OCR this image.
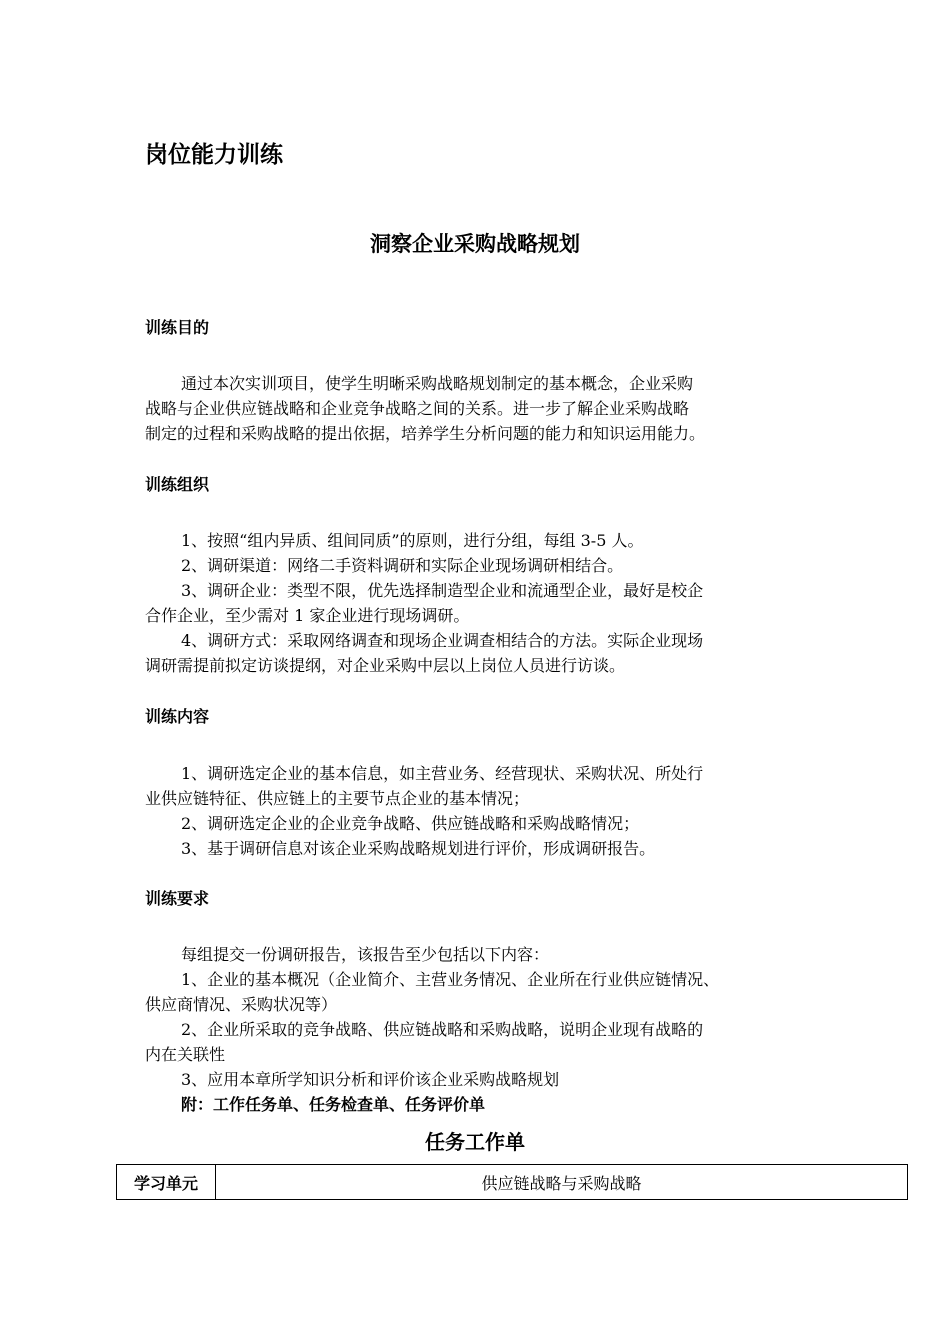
岗位能力训练
洞察企业采购战略规划
训练目的

通过本次实训项目，使学生明晰采购战略规划制定的基本概念，企业采购

战略与企业供应链战略和企业竞争战略之间的关系。进一步了解企业采购战略

制定的过程和采购战略的提出依据，培养学生分析问题的能力和知识运用能力。

训练组织

1、按照“组内异质、组间同质”的原则，进行分组，每组 3-5 人。

2、调研渠道：网络二手资料调研和实际企业现场调研相结合。

3、调研企业：类型不限，优先选择制造型企业和流通型企业，最好是校企

合作企业，至少需对 1 家企业进行现场调研。

4、调研方式：采取网络调查和现场企业调查相结合的方法。实际企业现场

调研需提前拟定访谈提纲，对企业采购中层以上岗位人员进行访谈。

训练内容

1、调研选定企业的基本信息，如主营业务、经营现状、采购状况、所处行

业供应链特征、供应链上的主要节点企业的基本情况；

2、调研选定企业的企业竞争战略、供应链战略和采购战略情况；

3、基于调研信息对该企业采购战略规划进行评价，形成调研报告。

训练要求

每组提交一份调研报告，该报告至少包括以下内容：

1、企业的基本概况（企业简介、主营业务情况、企业所在行业供应链情况、

供应商情况、采购状况等）

2、企业所采取的竞争战略、供应链战略和采购战略，说明企业现有战略的

内在关联性

3、应用本章所学知识分析和评价该企业采购战略规划

附：工作任务单、任务检查单、任务评价单

任务工作单
学习单元	供应链战略与采购战略
